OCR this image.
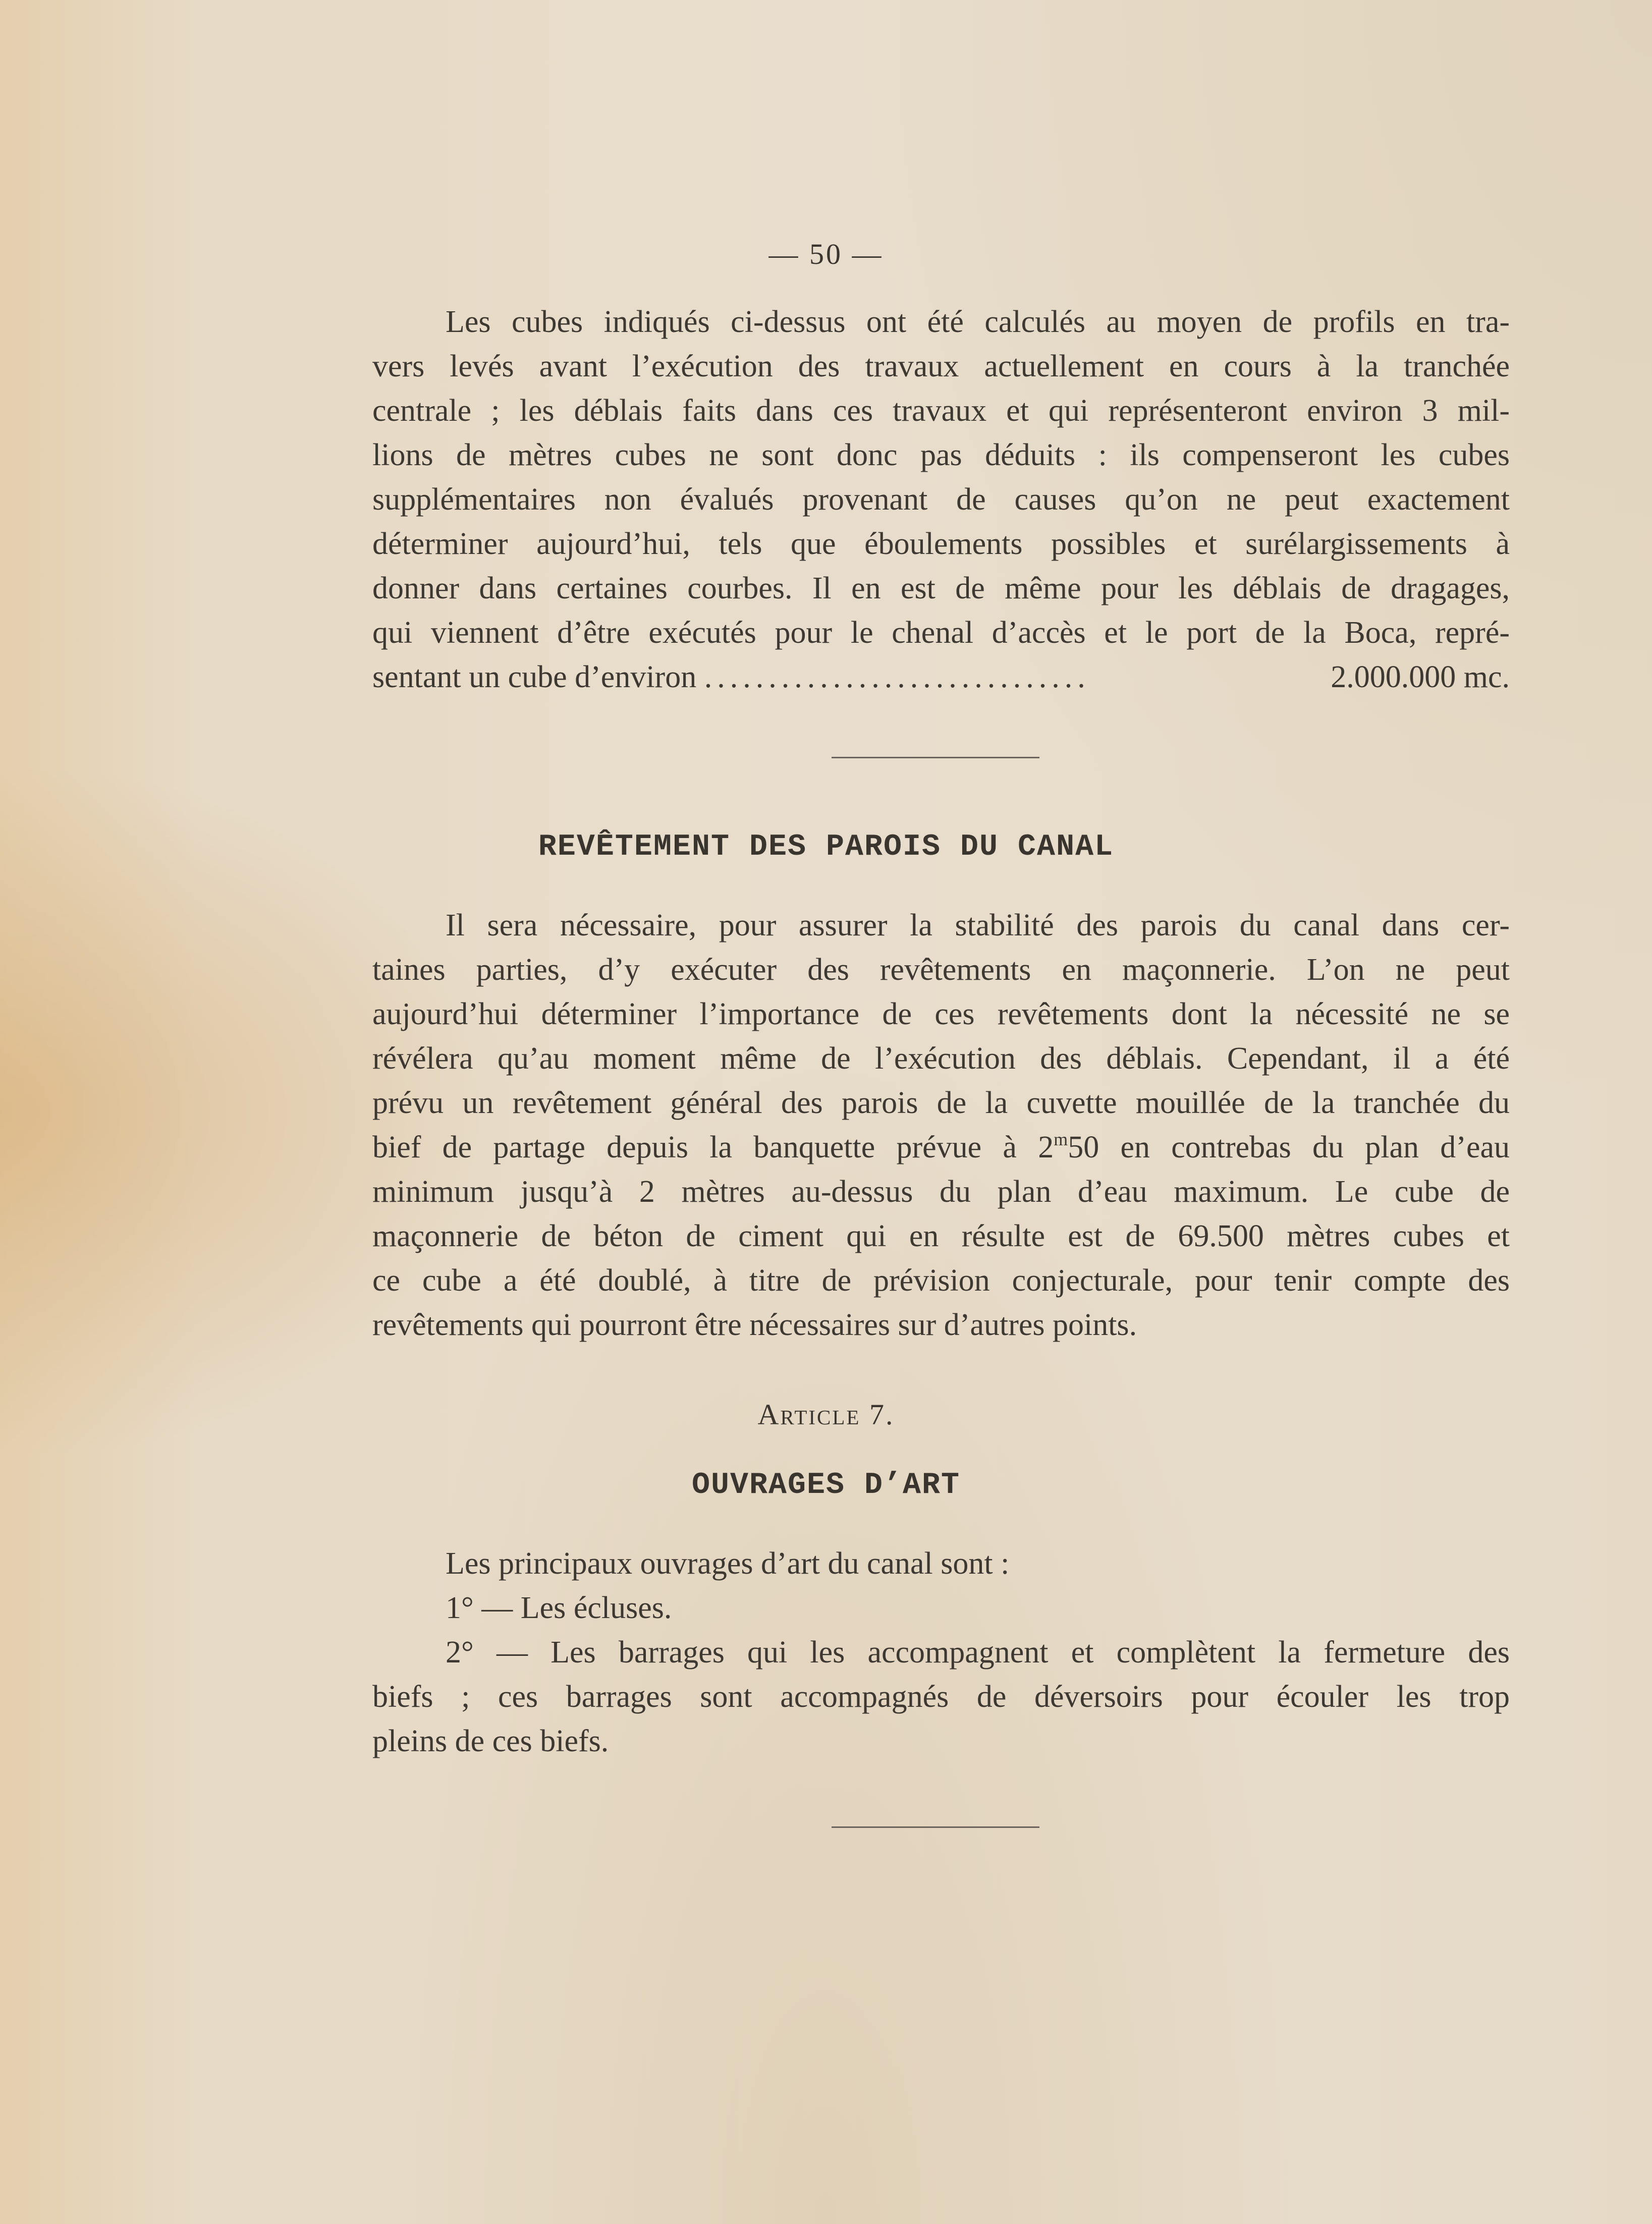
— 50 —

Les cubes indiqués ci-dessus ont été calculés au moyen de profils en tra-
vers levés avant l’exécution des travaux actuellement en cours à la tranchée
centrale ; les déblais faits dans ces travaux et qui représenteront environ 3 mil-
lions de mètres cubes ne sont donc pas déduits : ils compenseront les cubes
supplémentaires non évalués provenant de causes qu’on ne peut exactement
déterminer aujourd’hui, tels que éboulements possibles et surélargissements à
donner dans certaines courbes. Il en est de même pour les déblais de dragages,
qui viennent d’être exécutés pour le chenal d’accès et le port de la Boca, repré-
sentant un cube d’environ ..............................	2.000.000 mc.

REVÊTEMENT DES PAROIS DU CANAL

Il sera nécessaire, pour assurer la stabilité des parois du canal dans cer-
taines parties, d’y exécuter des revêtements en maçonnerie. L’on ne peut
aujourd’hui déterminer l’importance de ces revêtements dont la nécessité ne se
révélera qu’au moment même de l’exécution des déblais. Cependant, il a été
prévu un revêtement général des parois de la cuvette mouillée de la tranchée du
bief de partage depuis la banquette prévue à 2$^m$50 en contrebas du plan d’eau
minimum jusqu’à 2 mètres au-dessus du plan d’eau maximum. Le cube de
maçonnerie de béton de ciment qui en résulte est de 69.500 mètres cubes et
ce cube a été doublé, à titre de prévision conjecturale, pour tenir compte des
revêtements qui pourront être nécessaires sur d’autres points.

Article 7.
OUVRAGES D’ART

Les principaux ouvrages d’art du canal sont :
1° — Les écluses.
2° — Les barrages qui les accompagnent et complètent la fermeture des
biefs ; ces barrages sont accompagnés de déversoirs pour écouler les trop
pleins de ces biefs.
